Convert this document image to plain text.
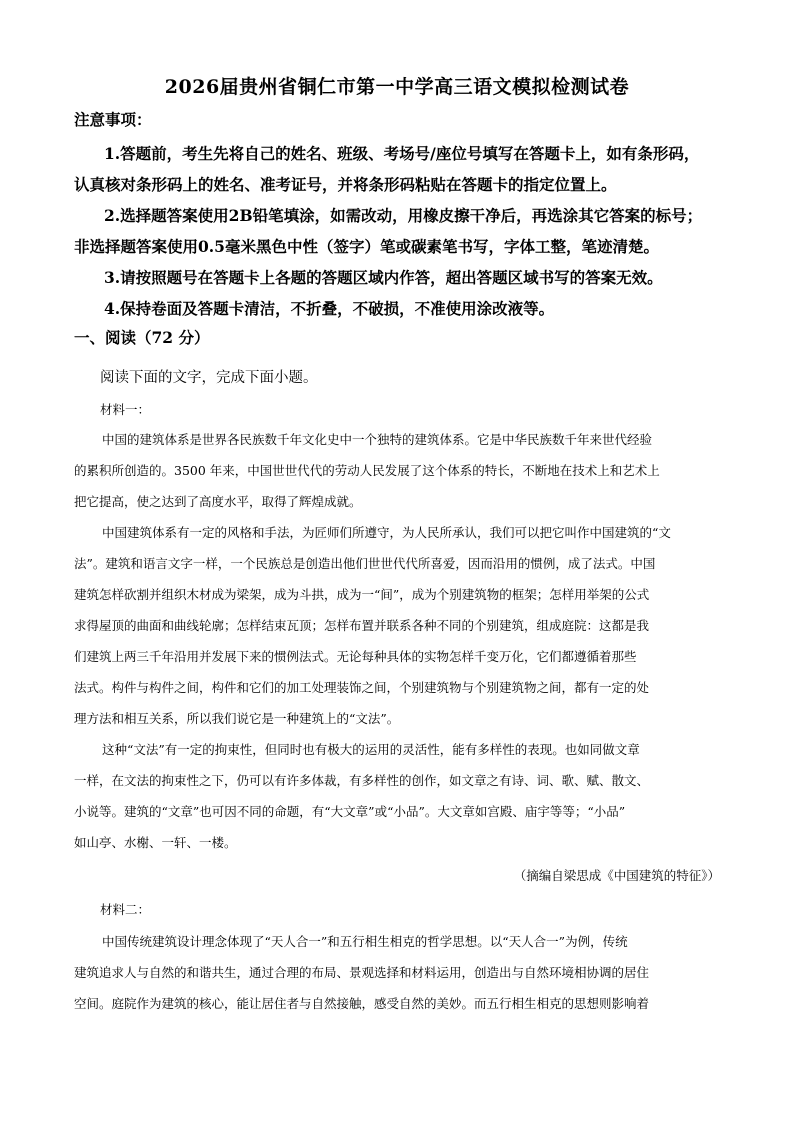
2026届贵州省铜仁市第一中学高三语文模拟检测试卷
注意事项：
1.答题前，考生先将自己的姓名、班级、考场号/座位号填写在答题卡上，如有条形码，
认真核对条形码上的姓名、准考证号，并将条形码粘贴在答题卡的指定位置上。
2.选择题答案使用2B铅笔填涂，如需改动，用橡皮擦干净后，再选涂其它答案的标号；
非选择题答案使用0.5毫米黑色中性（签字）笔或碳素笔书写，字体工整，笔迹清楚。
3.请按照题号在答题卡上各题的答题区域内作答，超出答题区域书写的答案无效。
4.保持卷面及答题卡清洁，不折叠，不破损，不准使用涂改液等。
一、阅读（72 分）
阅读下面的文字，完成下面小题。
材料一：
中国的建筑体系是世界各民族数千年文化史中一个独特的建筑体系。它是中华民族数千年来世代经验
的累积所创造的。3500 年来，中国世世代代的劳动人民发展了这个体系的特长，不断地在技术上和艺术上
把它提高，使之达到了高度水平，取得了辉煌成就。
中国建筑体系有一定的风格和手法，为匠师们所遵守，为人民所承认，我们可以把它叫作中国建筑的“文
法”。建筑和语言文字一样，一个民族总是创造出他们世世代代所喜爱，因而沿用的惯例，成了法式。中国
建筑怎样砍割并组织木材成为梁架，成为斗拱，成为一“间”，成为个别建筑物的框架；怎样用举架的公式
求得屋顶的曲面和曲线轮廓；怎样结束瓦顶；怎样布置并联系各种不同的个别建筑，组成庭院：这都是我
们建筑上两三千年沿用并发展下来的惯例法式。无论每种具体的实物怎样千变万化，它们都遵循着那些
法式。构件与构件之间，构件和它们的加工处理装饰之间，个别建筑物与个别建筑物之间，都有一定的处
理方法和相互关系，所以我们说它是一种建筑上的“文法”。
这种“文法”有一定的拘束性，但同时也有极大的运用的灵活性，能有多样性的表现。也如同做文章
一样，在文法的拘束性之下，仍可以有许多体裁，有多样性的创作，如文章之有诗、词、歌、赋、散文、
小说等。建筑的“文章”也可因不同的命题，有“大文章”或“小品”。大文章如宫殿、庙宇等等；“小品”
如山亭、水榭、一轩、一楼。
（摘编自梁思成《中国建筑的特征》）
材料二：
中国传统建筑设计理念体现了“天人合一”和五行相生相克的哲学思想。以“天人合一”为例，传统
建筑追求人与自然的和谐共生，通过合理的布局、景观选择和材料运用，创造出与自然环境相协调的居住
空间。庭院作为建筑的核心，能让居住者与自然接触，感受自然的美妙。而五行相生相克的思想则影响着
